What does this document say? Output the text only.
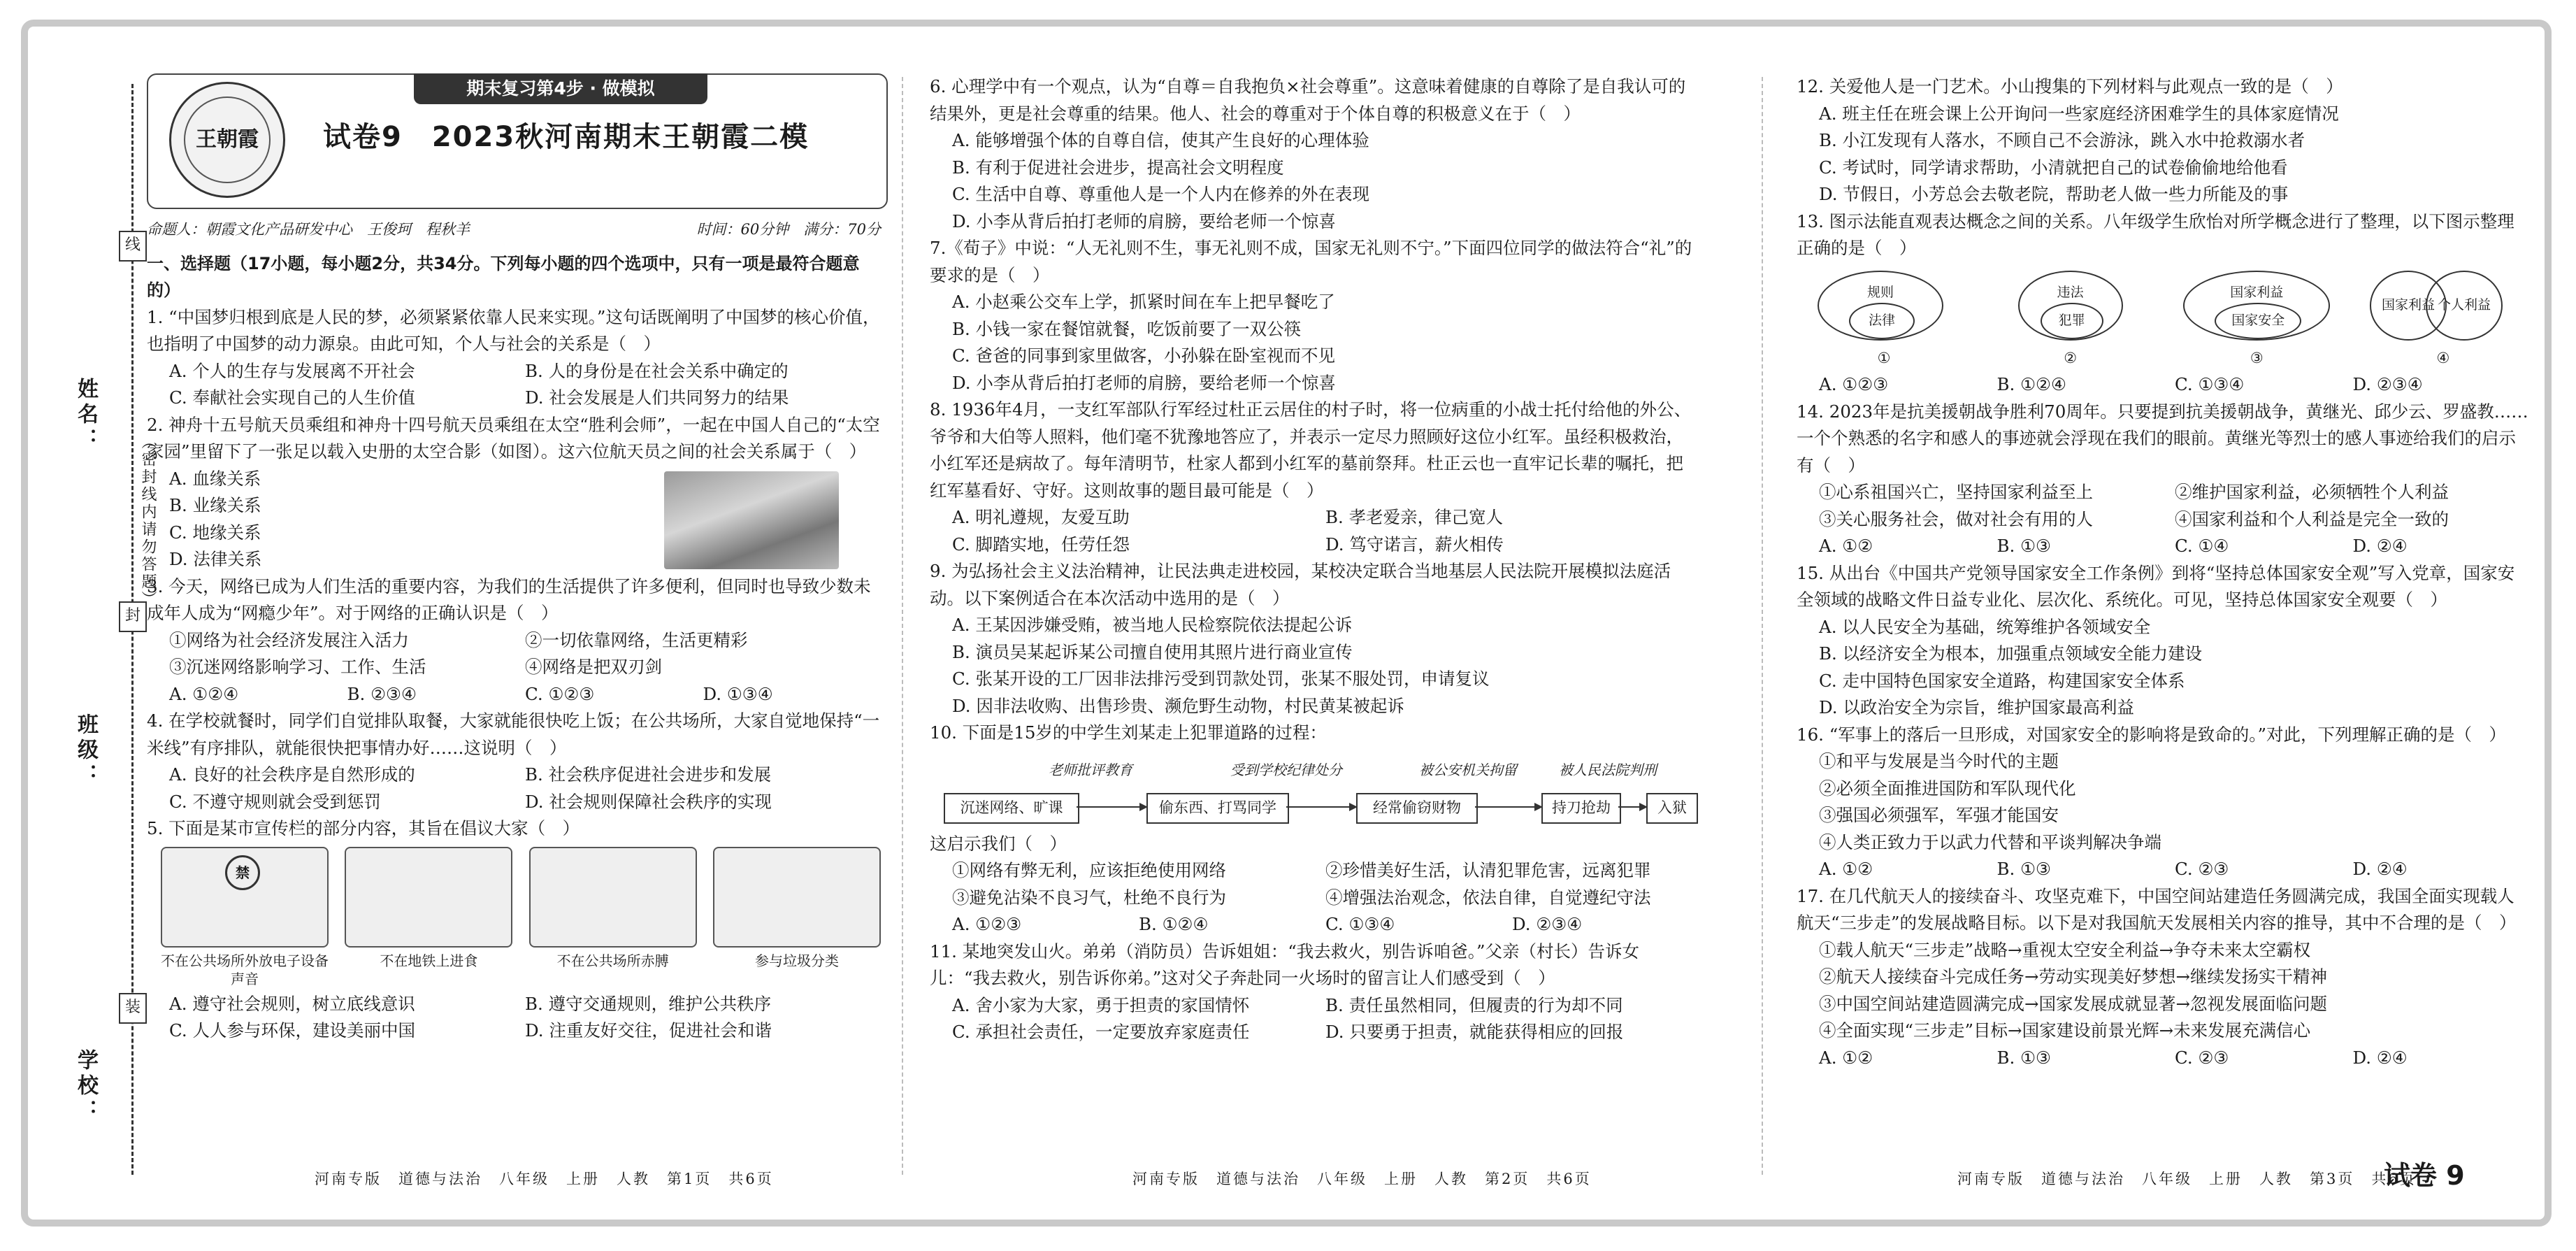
线
封
装
（密封线内请勿答题）
姓名：
班级：
学校：
王朝霞
期末复习第4步 · 做模拟
试卷9　2023秋河南期末王朝霞二模
命题人：朝霞文化产品研发中心　王俊珂　程秋羊	时间：60分钟　满分：70分
一、选择题（17小题，每小题2分，共34分。下列每小题的四个选项中，只有一项是最符合题意的）

1. “中国梦归根到底是人民的梦，必须紧紧依靠人民来实现。”这句话既阐明了中国梦的核心价值，也指明了中国梦的动力源泉。由此可知，个人与社会的关系是（　）

A. 个人的生存与发展离不开社会	B. 人的身份是在社会关系中确定的
C. 奉献社会实现自己的人生价值	D. 社会发展是人们共同努力的结果

2. 神舟十五号航天员乘组和神舟十四号航天员乘组在太空“胜利会师”，一起在中国人自己的“太空家园”里留下了一张足以载入史册的太空合影（如图）。这六位航天员之间的社会关系属于（　）

A. 血缘关系
B. 业缘关系
C. 地缘关系
D. 法律关系

3. 今天，网络已成为人们生活的重要内容，为我们的生活提供了许多便利，但同时也导致少数未成年人成为“网瘾少年”。对于网络的正确认识是（　）

①网络为社会经济发展注入活力	②一切依靠网络，生活更精彩
③沉迷网络影响学习、工作、生活	④网络是把双刃剑
A. ①②④	B. ②③④	C. ①②③	D. ①③④

4. 在学校就餐时，同学们自觉排队取餐，大家就能很快吃上饭；在公共场所，大家自觉地保持“一米线”有序排队，就能很快把事情办好……这说明（　）

A. 良好的社会秩序是自然形成的	B. 社会秩序促进社会进步和发展
C. 不遵守规则就会受到惩罚	D. 社会规则保障社会秩序的实现

5. 下面是某市宣传栏的部分内容，其旨在倡议大家（　）

禁
不在公共场所外放电子设备声音
不在地铁上进食	不在公共场所赤膊	参与垃圾分类
A. 遵守社会规则，树立底线意识	B. 遵守交通规则，维护公共秩序
C. 人人参与环保，建设美丽中国	D. 注重友好交往，促进社会和谐

6. 心理学中有一个观点，认为“自尊＝自我抱负×社会尊重”。这意味着健康的自尊除了是自我认可的结果外，更是社会尊重的结果。他人、社会的尊重对于个体自尊的积极意义在于（　）

A. 能够增强个体的自尊自信，使其产生良好的心理体验
B. 有利于促进社会进步，提高社会文明程度
C. 生活中自尊、尊重他人是一个人内在修养的外在表现
D. 小李从背后拍打老师的肩膀，要给老师一个惊喜

7.《荀子》中说：“人无礼则不生，事无礼则不成，国家无礼则不宁。”下面四位同学的做法符合“礼”的要求的是（　）

A. 小赵乘公交车上学，抓紧时间在车上把早餐吃了
B. 小钱一家在餐馆就餐，吃饭前要了一双公筷
C. 爸爸的同事到家里做客，小孙躲在卧室视而不见
D. 小李从背后拍打老师的肩膀，要给老师一个惊喜

8. 1936年4月，一支红军部队行军经过杜正云居住的村子时，将一位病重的小战士托付给他的外公、爷爷和大伯等人照料，他们毫不犹豫地答应了，并表示一定尽力照顾好这位小红军。虽经积极救治，小红军还是病故了。每年清明节，杜家人都到小红军的墓前祭拜。杜正云也一直牢记长辈的嘱托，把红军墓看好、守好。这则故事的题目最可能是（　）

A. 明礼遵规，友爱互助	B. 孝老爱亲，律己宽人
C. 脚踏实地，任劳任怨	D. 笃守诺言，薪火相传

9. 为弘扬社会主义法治精神，让民法典走进校园，某校决定联合当地基层人民法院开展模拟法庭活动。以下案例适合在本次活动中选用的是（　）

A. 王某因涉嫌受贿，被当地人民检察院依法提起公诉
B. 演员吴某起诉某公司擅自使用其照片进行商业宣传
C. 张某开设的工厂因非法排污受到罚款处罚，张某不服处罚，申请复议
D. 因非法收购、出售珍贵、濒危野生动物，村民黄某被起诉

10. 下面是15岁的中学生刘某走上犯罪道路的过程：

沉迷网络、旷课	偷东西、打骂同学	经常偷窃财物	持刀抢劫	入狱
老师批评教育	受到学校纪律处分	被公安机关拘留	被人民法院判刑

这启示我们（　）

①网络有弊无利，应该拒绝使用网络	②珍惜美好生活，认清犯罪危害，远离犯罪
③避免沾染不良习气，杜绝不良行为	④增强法治观念，依法自律，自觉遵纪守法
A. ①②③	B. ①②④	C. ①③④	D. ②③④

11. 某地突发山火。弟弟（消防员）告诉姐姐：“我去救火，别告诉咱爸。”父亲（村长）告诉女儿：“我去救火，别告诉你弟。”这对父子奔赴同一火场时的留言让人们感受到（　）

A. 舍小家为大家，勇于担责的家国情怀	B. 责任虽然相同，但履责的行为却不同
C. 承担社会责任，一定要放弃家庭责任	D. 只要勇于担责，就能获得相应的回报

12. 关爱他人是一门艺术。小山搜集的下列材料与此观点一致的是（　）

A. 班主任在班会课上公开询问一些家庭经济困难学生的具体家庭情况
B. 小江发现有人落水，不顾自己不会游泳，跳入水中抢救溺水者
C. 考试时，同学请求帮助，小清就把自己的试卷偷偷地给他看
D. 节假日，小芳总会去敬老院，帮助老人做一些力所能及的事

13. 图示法能直观表达概念之间的关系。八年级学生欣怡对所学概念进行了整理，以下图示整理正确的是（　）

规则
法律
①
违法
犯罪
②
国家利益
国家安全
③
国家利益 个人利益
④
A. ①②③	B. ①②④	C. ①③④	D. ②③④

14. 2023年是抗美援朝战争胜利70周年。只要提到抗美援朝战争，黄继光、邱少云、罗盛教……一个个熟悉的名字和感人的事迹就会浮现在我们的眼前。黄继光等烈士的感人事迹给我们的启示有（　）

①心系祖国兴亡，坚持国家利益至上	②维护国家利益，必须牺牲个人利益
③关心服务社会，做对社会有用的人	④国家利益和个人利益是完全一致的
A. ①②	B. ①③	C. ①④	D. ②④

15. 从出台《中国共产党领导国家安全工作条例》到将“坚持总体国家安全观”写入党章，国家安全领域的战略文件日益专业化、层次化、系统化。可见，坚持总体国家安全观要（　）

A. 以人民安全为基础，统筹维护各领域安全
B. 以经济安全为根本，加强重点领域安全能力建设
C. 走中国特色国家安全道路，构建国家安全体系
D. 以政治安全为宗旨，维护国家最高利益

16. “军事上的落后一旦形成，对国家安全的影响将是致命的。”对此，下列理解正确的是（　）

①和平与发展是当今时代的主题
②必须全面推进国防和军队现代化
③强国必须强军，军强才能国安
④人类正致力于以武力代替和平谈判解决争端
A. ①②	B. ①③	C. ②③	D. ②④

17. 在几代航天人的接续奋斗、攻坚克难下，中国空间站建造任务圆满完成，我国全面实现载人航天“三步走”的发展战略目标。以下是对我国航天发展相关内容的推导，其中不合理的是（　）

①载人航天“三步走”战略→重视太空安全利益→争夺未来太空霸权
②航天人接续奋斗完成任务→劳动实现美好梦想→继续发扬实干精神
③中国空间站建造圆满完成→国家发展成就显著→忽视发展面临问题
④全面实现“三步走”目标→国家建设前景光辉→未来发展充满信心
A. ①②	B. ①③	C. ②③	D. ②④
河南专版　道德与法治　八年级　上册　人教　第1页　共6页	河南专版　道德与法治　八年级　上册　人教　第2页　共6页	河南专版　道德与法治　八年级　上册　人教　第3页　共6页
试卷 9
